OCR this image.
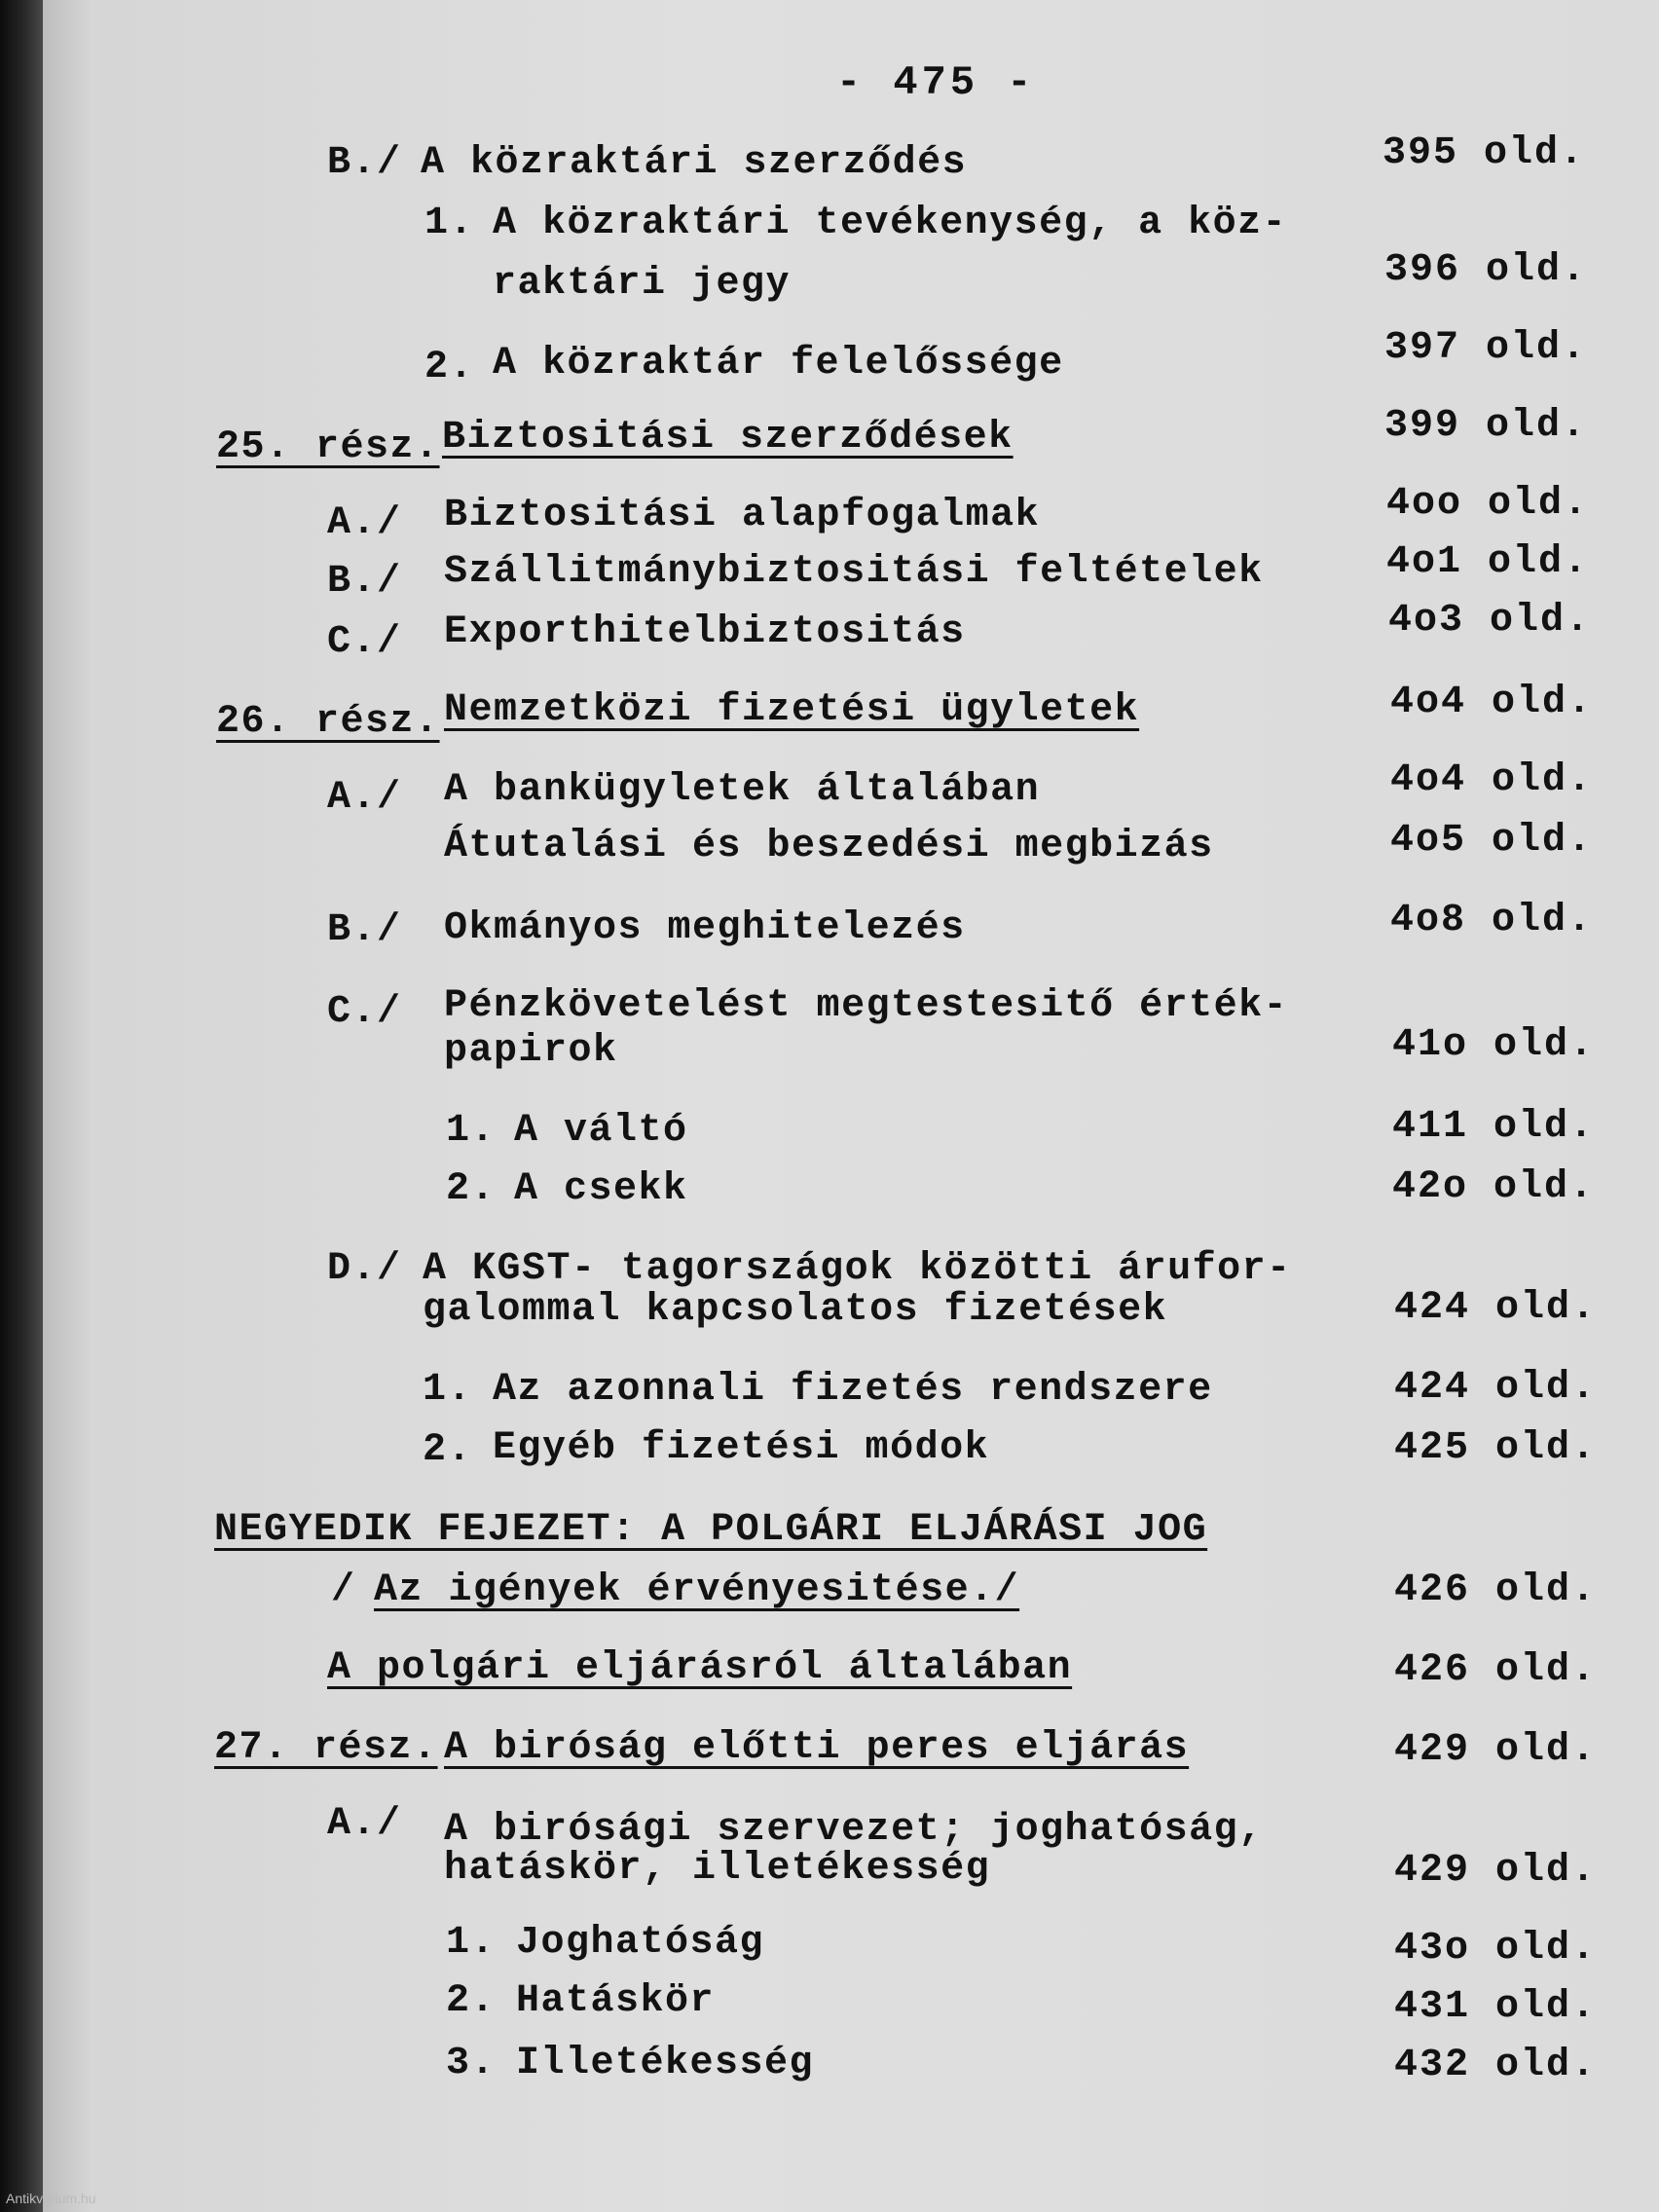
- 475 -
B./ A közraktári szerződés	395 old.
1. A közraktári tevékenység, a köz-
raktári jegy	396 old.
2. A közraktár felelőssége	397 old.
25. rész. Biztositási szerződések	399 old.
A./ Biztositási alapfogalmak	4oo old.
B./ Szállitmánybiztositási feltételek	4o1 old.
C./ Exporthitelbiztositás	4o3 old.
26. rész. Nemzetközi fizetési ügyletek	4o4 old.
A./ A bankügyletek általában	4o4 old.
Átutalási és beszedési megbizás	4o5 old.
B./ Okmányos meghitelezés	4o8 old.
C./ Pénzkövetelést megtestesitő érték-
papirok	41o old.
1. A váltó	411 old.
2. A csekk	42o old.
D./ A KGST- tagországok közötti árufor-
galommal kapcsolatos fizetések	424 old.
1. Az azonnali fizetés rendszere	424 old.
2. Egyéb fizetési módok	425 old.
NEGYEDIK FEJEZET: A POLGÁRI ELJÁRÁSI JOG
/ Az igények érvényesitése./	426 old.
A polgári eljárásról általában	426 old.
27. rész. A biróság előtti peres eljárás	429 old.
A./ A birósági szervezet; joghatóság,
hatáskör, illetékesség	429 old.
1. Joghatóság	43o old.
2. Hatáskör	431 old.
3. Illetékesség	432 old.
Antikvarium.hu
